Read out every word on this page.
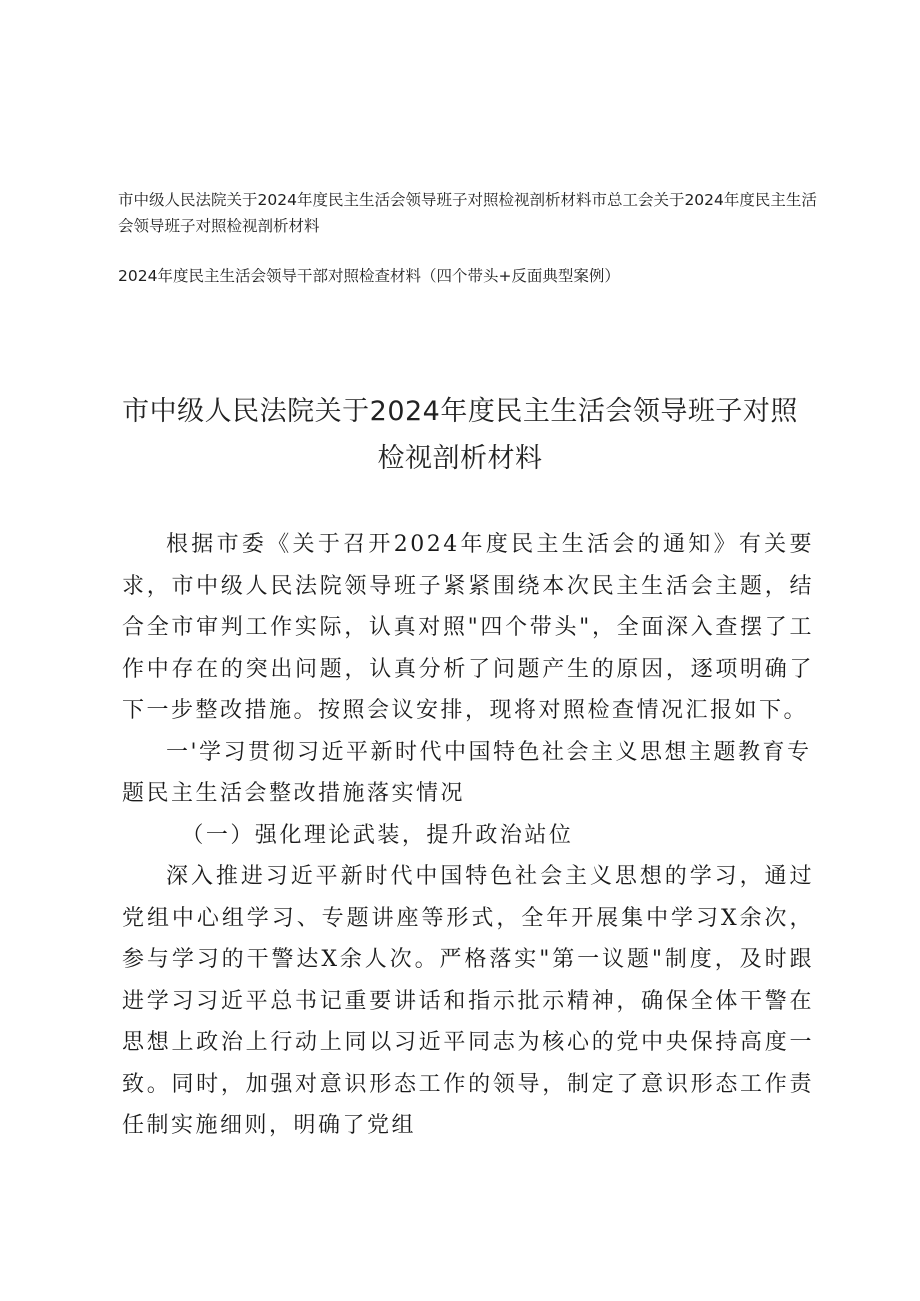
市中级人民法院关于2024年度民主生活会领导班子对照检视剖析材料市总工会关于2024年度民主生活会领导班子对照检视剖析材料

2024年度民主生活会领导干部对照检查材料（四个带头+反面典型案例）

市中级人民法院关于2024年度民主生活会领导班子对照
检视剖析材料

根据市委《关于召开2024年度民主生活会的通知》有关要求，市中级人民法院领导班子紧紧围绕本次民主生活会主题，结合全市审判工作实际，认真对照"四个带头"，全面深入查摆了工作中存在的突出问题，认真分析了问题产生的原因，逐项明确了下一步整改措施。按照会议安排，现将对照检查情况汇报如下。

一'学习贯彻习近平新时代中国特色社会主义思想主题教育专题民主生活会整改措施落实情况

（一）强化理论武装，提升政治站位

深入推进习近平新时代中国特色社会主义思想的学习，通过党组中心组学习、专题讲座等形式，全年开展集中学习X余次，参与学习的干警达X余人次。严格落实"第一议题"制度，及时跟进学习习近平总书记重要讲话和指示批示精神，确保全体干警在思想上政治上行动上同以习近平同志为核心的党中央保持高度一致。同时，加强对意识形态工作的领导，制定了意识形态工作责任制实施细则，明确了党组
